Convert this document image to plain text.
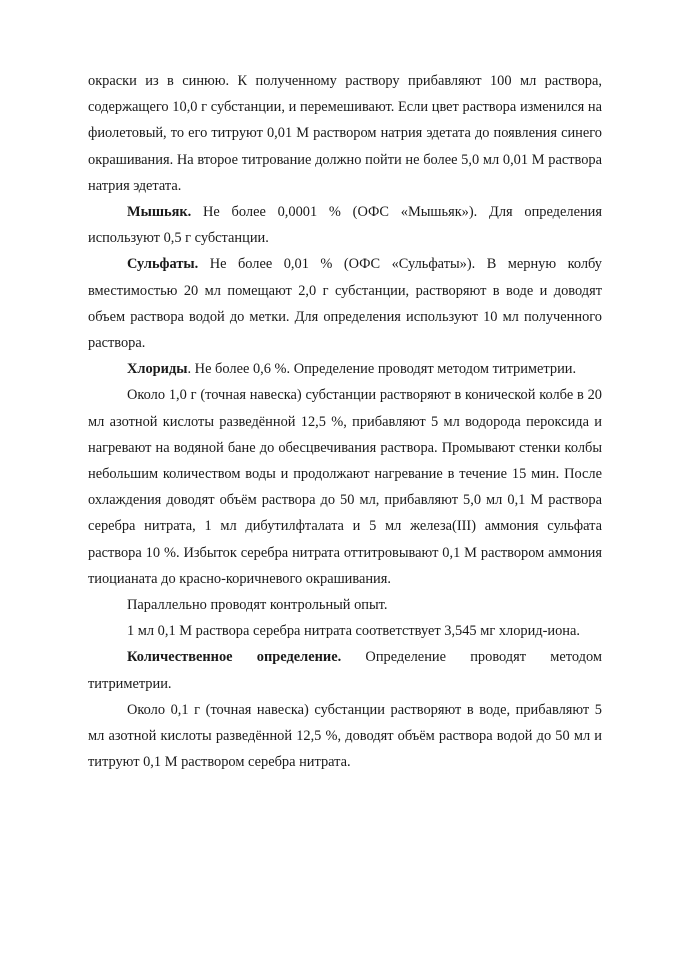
окраски из в синюю. К полученному раствору прибавляют 100 мл раствора, содержащего 10,0 г субстанции, и перемешивают. Если цвет раствора изменился на фиолетовый, то его титруют 0,01 М раствором натрия эдетата до появления синего окрашивания. На второе титрование должно пойти не более 5,0 мл 0,01 М раствора натрия эдетата.

Мышьяк. Не более 0,0001 % (ОФС «Мышьяк»). Для определения используют 0,5 г субстанции.

Сульфаты. Не более 0,01 % (ОФС «Сульфаты»). В мерную колбу вместимостью 20 мл помещают 2,0 г субстанции, растворяют в воде и доводят объем раствора водой до метки. Для определения используют 10 мл полученного раствора.

Хлориды. Не более 0,6 %. Определение проводят методом титриметрии.

Около 1,0 г (точная навеска) субстанции растворяют в конической колбе в 20 мл азотной кислоты разведённой 12,5 %, прибавляют 5 мл водорода пероксида и нагревают на водяной бане до обесцвечивания раствора. Промывают стенки колбы небольшим количеством воды и продолжают нагревание в течение 15 мин. После охлаждения доводят объём раствора до 50 мл, прибавляют 5,0 мл 0,1 М раствора серебра нитрата, 1 мл дибутилфталата и 5 мл железа(III) аммония сульфата раствора 10 %. Избыток серебра нитрата оттитровывают 0,1 М раствором аммония тиоцианата до красно-коричневого окрашивания.

Параллельно проводят контрольный опыт.

1 мл 0,1 М раствора серебра нитрата соответствует 3,545 мг хлорид-иона.

Количественное определение. Определение проводят методом титриметрии.

Около 0,1 г (точная навеска) субстанции растворяют в воде, прибавляют 5 мл азотной кислоты разведённой 12,5 %, доводят объём раствора водой до 50 мл и титруют 0,1 М раствором серебра нитрата.
